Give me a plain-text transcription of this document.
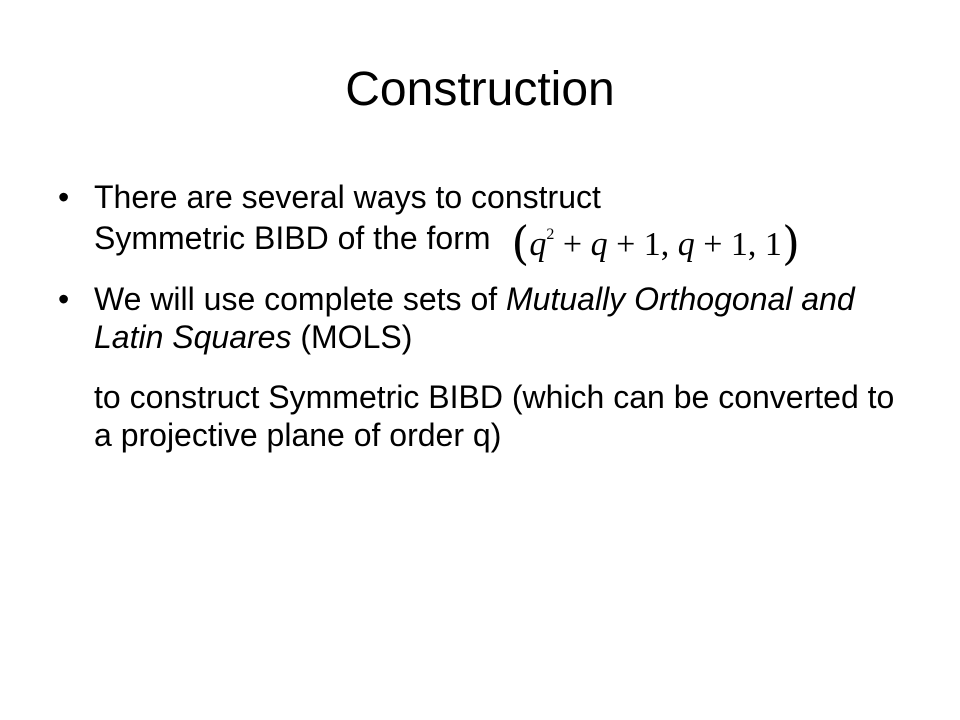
Construction
• There are several ways to construct
Symmetric BIBD of the form ($q^2 + q + 1$, q + 1, 1)
• We will use complete sets of Mutually Orthogonal and Latin Squares (MOLS)
to construct Symmetric BIBD (which can be converted to a projective plane of order q)
